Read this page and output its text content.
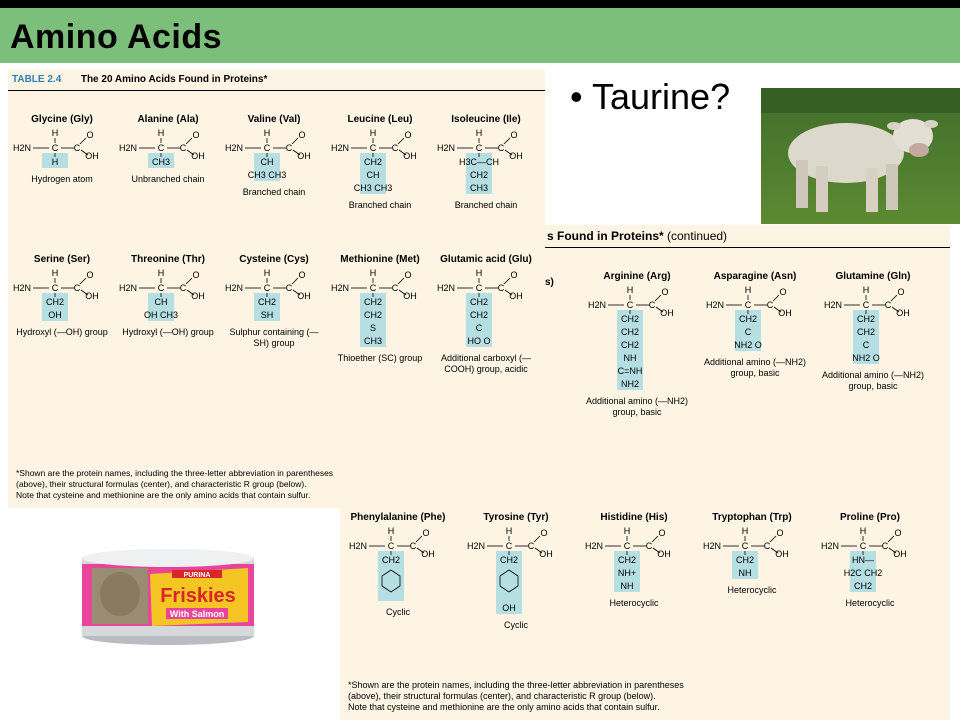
Amino Acids
• Taurine?
TABLE 2.4 The 20 Amino Acids Found in Proteins*
Glycine (Gly)
H
H2N C C
O
OH
H
Hydrogen atom
Alanine (Ala)
H
H2N C C
O
OH
CH3
Unbranched chain
Valine (Val)
H
H2N C C
O
OH
CH
CH3 CH3
Branched chain
Leucine (Leu)
H
H2N C C
O
OH
CH2
CH
CH3 CH3
Branched chain
Isoleucine (Ile)
H
H2N C C
O
OH
H3C—CH
CH2
CH3
Branched chain
Serine (Ser)
H
H2N C C
O
OH
CH2
OH
Hydroxyl (—OH) group
Threonine (Thr)
H
H2N C C
O
OH
CH
OH CH3
Hydroxyl (—OH) group
Cysteine (Cys)
H
H2N C C
O
OH
CH2
SH
Sulphur containing (—SH) group
Methionine (Met)
H
H2N C C
O
OH
CH2
CH2
S
CH3
Thioether (SC) group
Glutamic acid (Glu)
H
H2N C C
O
OH
CH2
CH2
C
HO O
Additional carboxyl (—COOH) group, acidic
*Shown are the protein names, including the three-letter abbreviation in parentheses
(above), their structural formulas (center), and characteristic R group (below).
Note that cysteine and methionine are the only amino acids that contain sulfur.
s Found in Proteins* (continued)
s)
Arginine (Arg)
H
H2N C C
O
OH
CH2
CH2
CH2
NH
C=NH
NH2
Additional amino (—NH2) group, basic
Asparagine (Asn)
H
H2N C C
O
OH
CH2
C
NH2 O
Additional amino (—NH2) group, basic
Glutamine (Gln)
H
H2N C C
O
OH
CH2
CH2
C
NH2 O
Additional amino (—NH2) group, basic
Phenylalanine (Phe)
H
H2N C C
O
OH
CH2
Cyclic
Tyrosine (Tyr)
H
H2N C C
O
OH
CH2
OH
Cyclic
Histidine (His)
H
H2N C C
O
OH
CH2
NH+
NH
Heterocyclic
Tryptophan (Trp)
H
H2N C C
O
OH
CH2
NH
Heterocyclic
Proline (Pro)
H
H2N C C
O
OH
HN—
H2C CH2
CH2
Heterocyclic
*Shown are the protein names, including the three-letter abbreviation in parentheses
(above), their structural formulas (center), and characteristic R group (below).
Note that cysteine and methionine are the only amino acids that contain sulfur.
PURINA
Friskies
With Salmon
